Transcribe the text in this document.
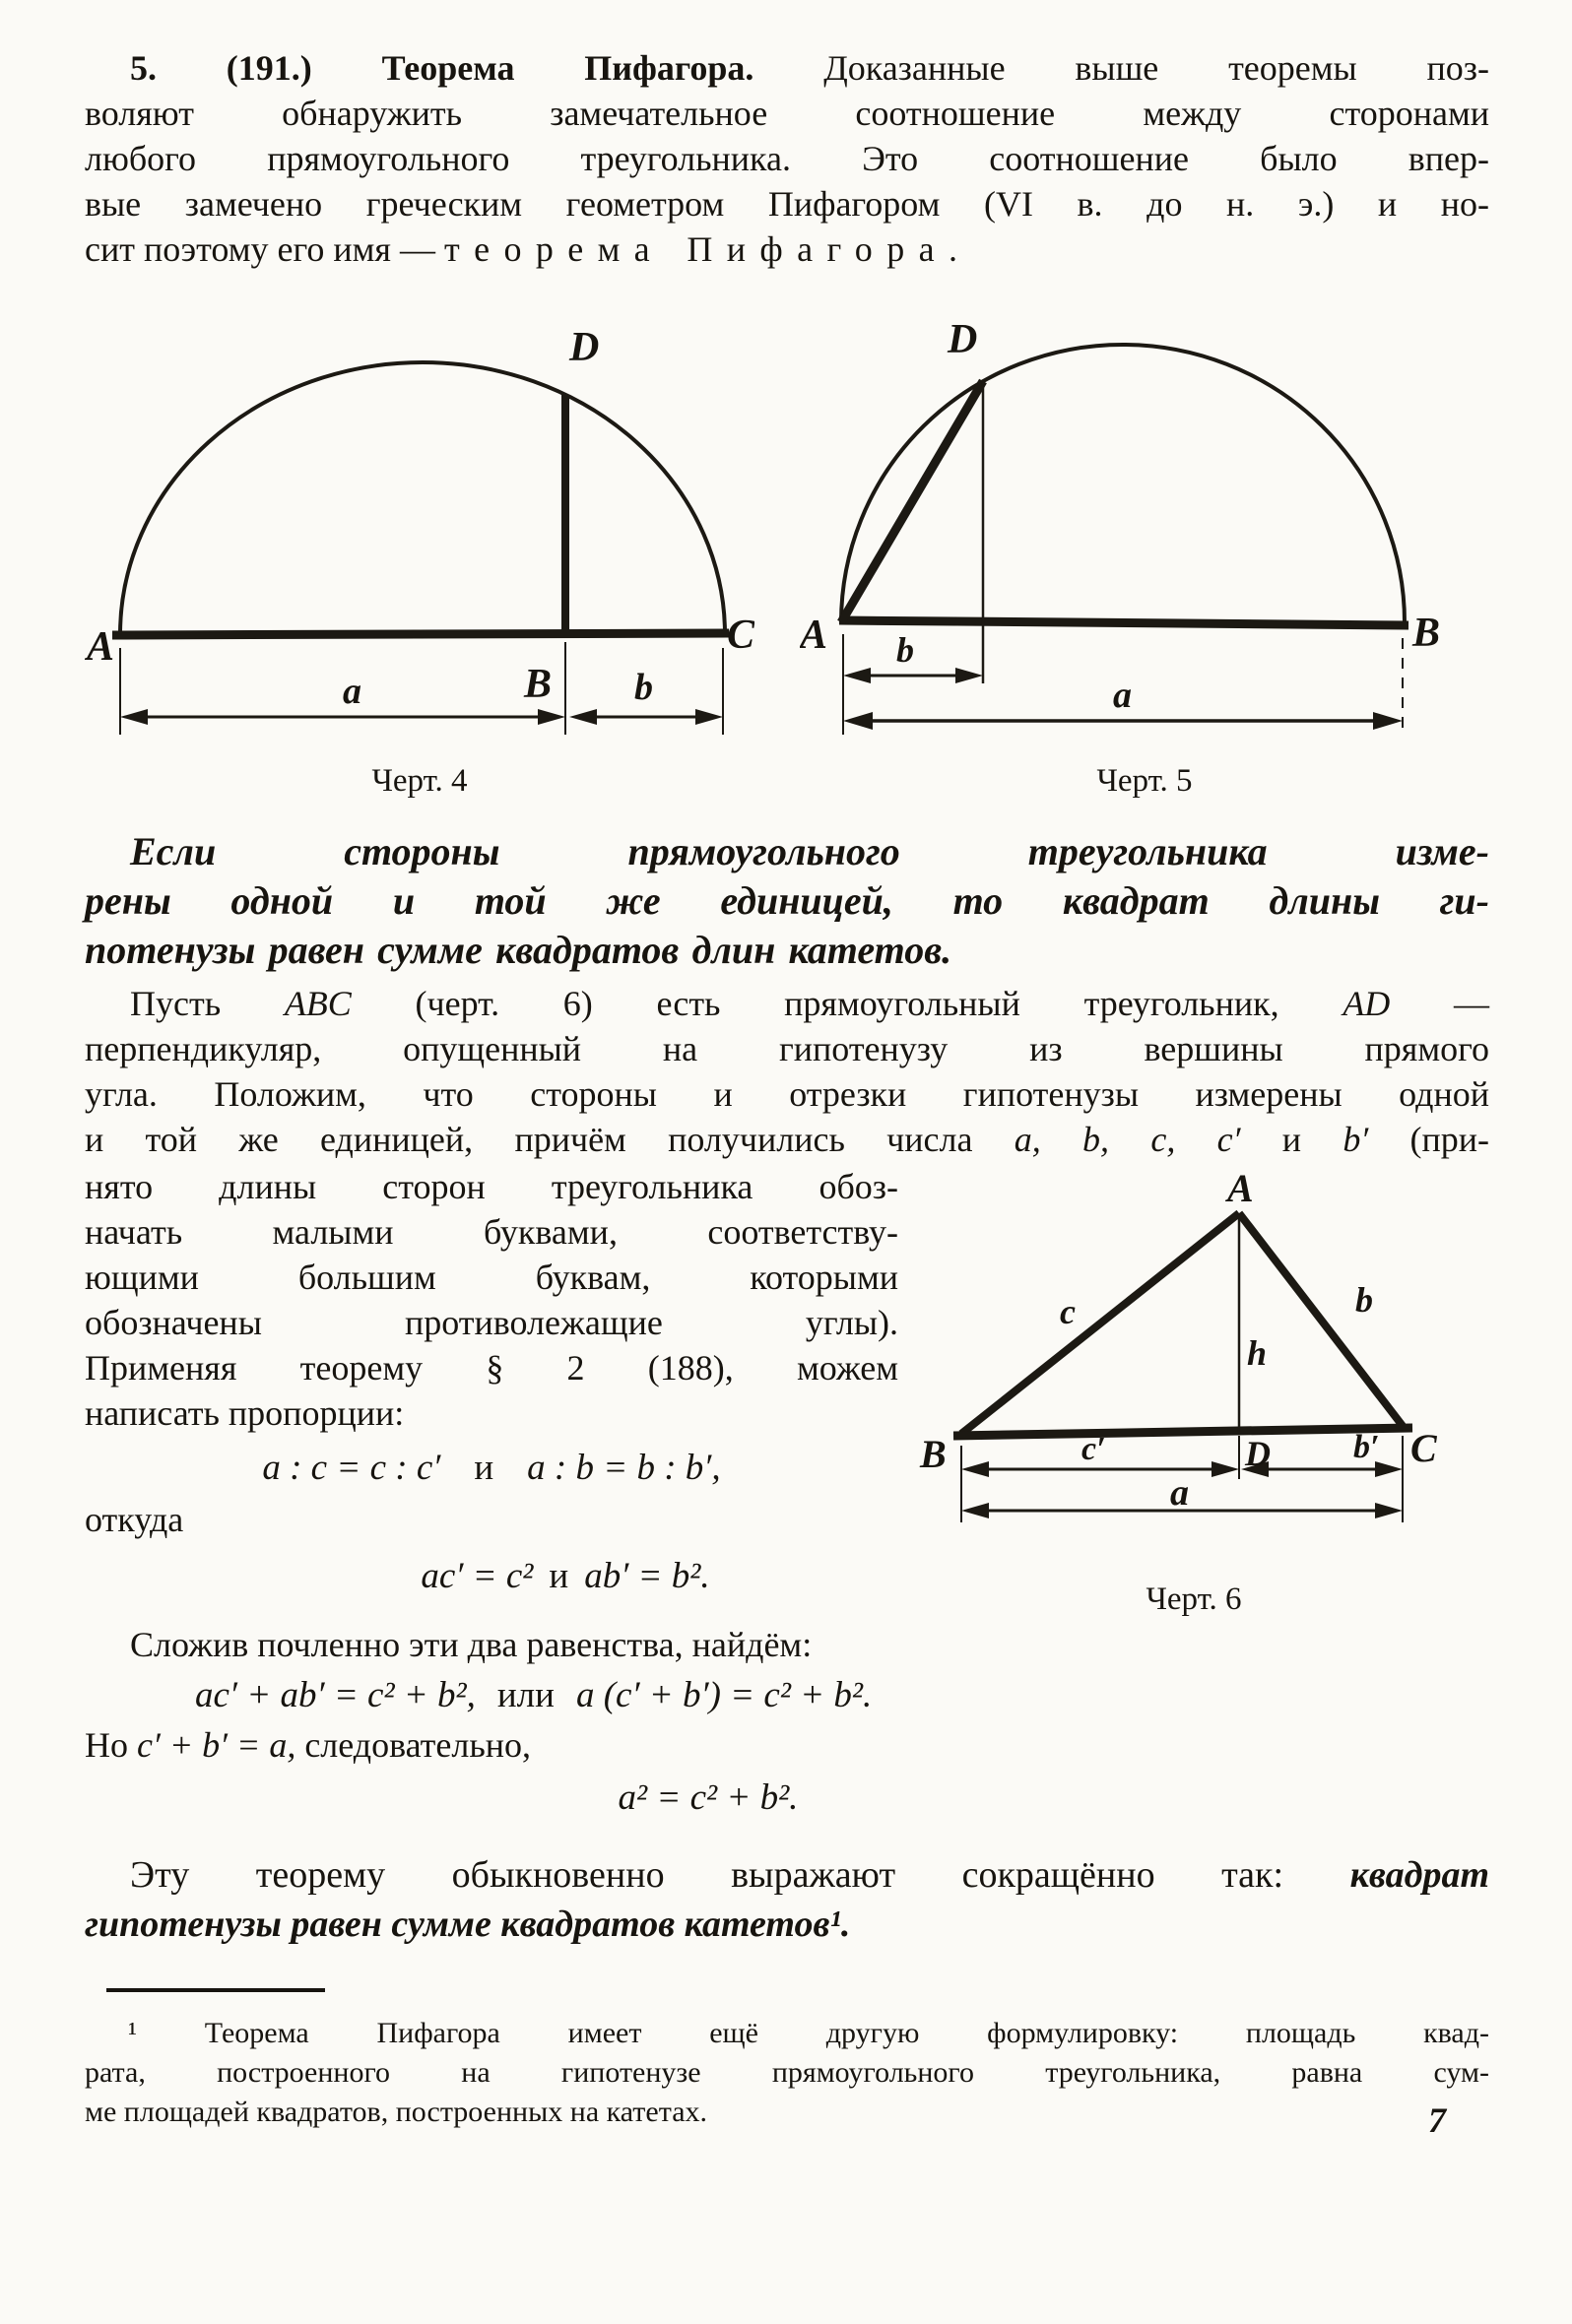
5. (191.) Теорема Пифагора. Доказанные выше теоремы поз-
воляют обнаружить замечательное соотношение между сторонами
любого прямоугольного треугольника. Это соотношение было впер-
вые замечено греческим геометром Пифагором (VI в. до н. э.) и но-
сит поэтому его имя — теорема Пифагора.
A	C
D
B
a	b
Черт. 4
A	B
D
b
a
Черт. 5
Если стороны прямоугольного треугольника изме-
рены одной и той же единицей, то квадрат длины ги-
потенузы равен сумме квадратов длин катетов.
Пусть ABC (черт. 6) есть прямоугольный треугольник, AD —
перпендикуляр, опущенный на гипотенузу из вершины прямого
угла. Положим, что стороны и отрезки гипотенузы измерены одной
и той же единицей, причём получились числа a, b, c, c′ и b′ (при-
A
B	C
D
c	b
h
c′	b′
a
Черт. 6
нято длины сторон треугольника обоз-
начать малыми буквами, соответству-
ющими большим буквам, которыми
обозначены противолежащие углы).
Применяя теорему § 2 (188), можем
написать пропорции:
a : c = c : c′ и a : b = b : b′,
откуда
ac′ = c² и ab′ = b².
Сложив почленно эти два равенства, найдём:
ac′ + ab′ = c² + b², или a (c′ + b′) = c² + b².
Но c′ + b′ = a, следовательно,
a² = c² + b².
Эту теорему обыкновенно выражают сокращённо так: квадрат
гипотенузы равен сумме квадратов катетов¹.
¹ Теорема Пифагора имеет ещё другую формулировку: площадь квад-
рата, построенного на гипотенузе прямоугольного треугольника, равна сум-
ме площадей квадратов, построенных на катетах.	7
